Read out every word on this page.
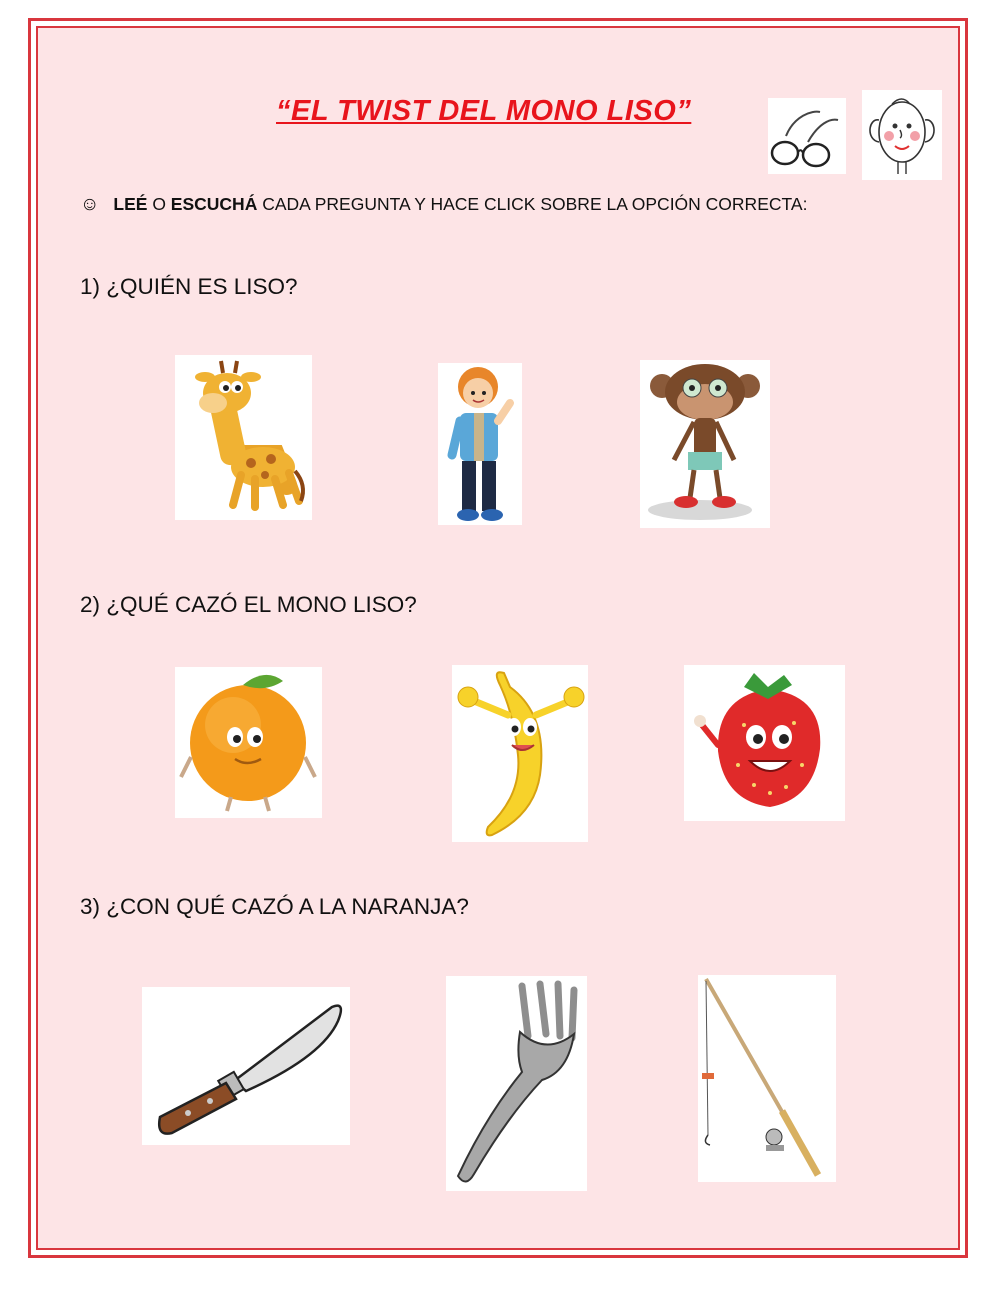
“EL TWIST DEL MONO LISO”
☺ LEÉ O ESCUCHÁ CADA PREGUNTA Y HACE CLICK SOBRE LA OPCIÓN CORRECTA:
1) ¿QUIÉN ES LISO?
2) ¿QUÉ CAZÓ EL MONO LISO?
3) ¿CON QUÉ CAZÓ A LA NARANJA?
